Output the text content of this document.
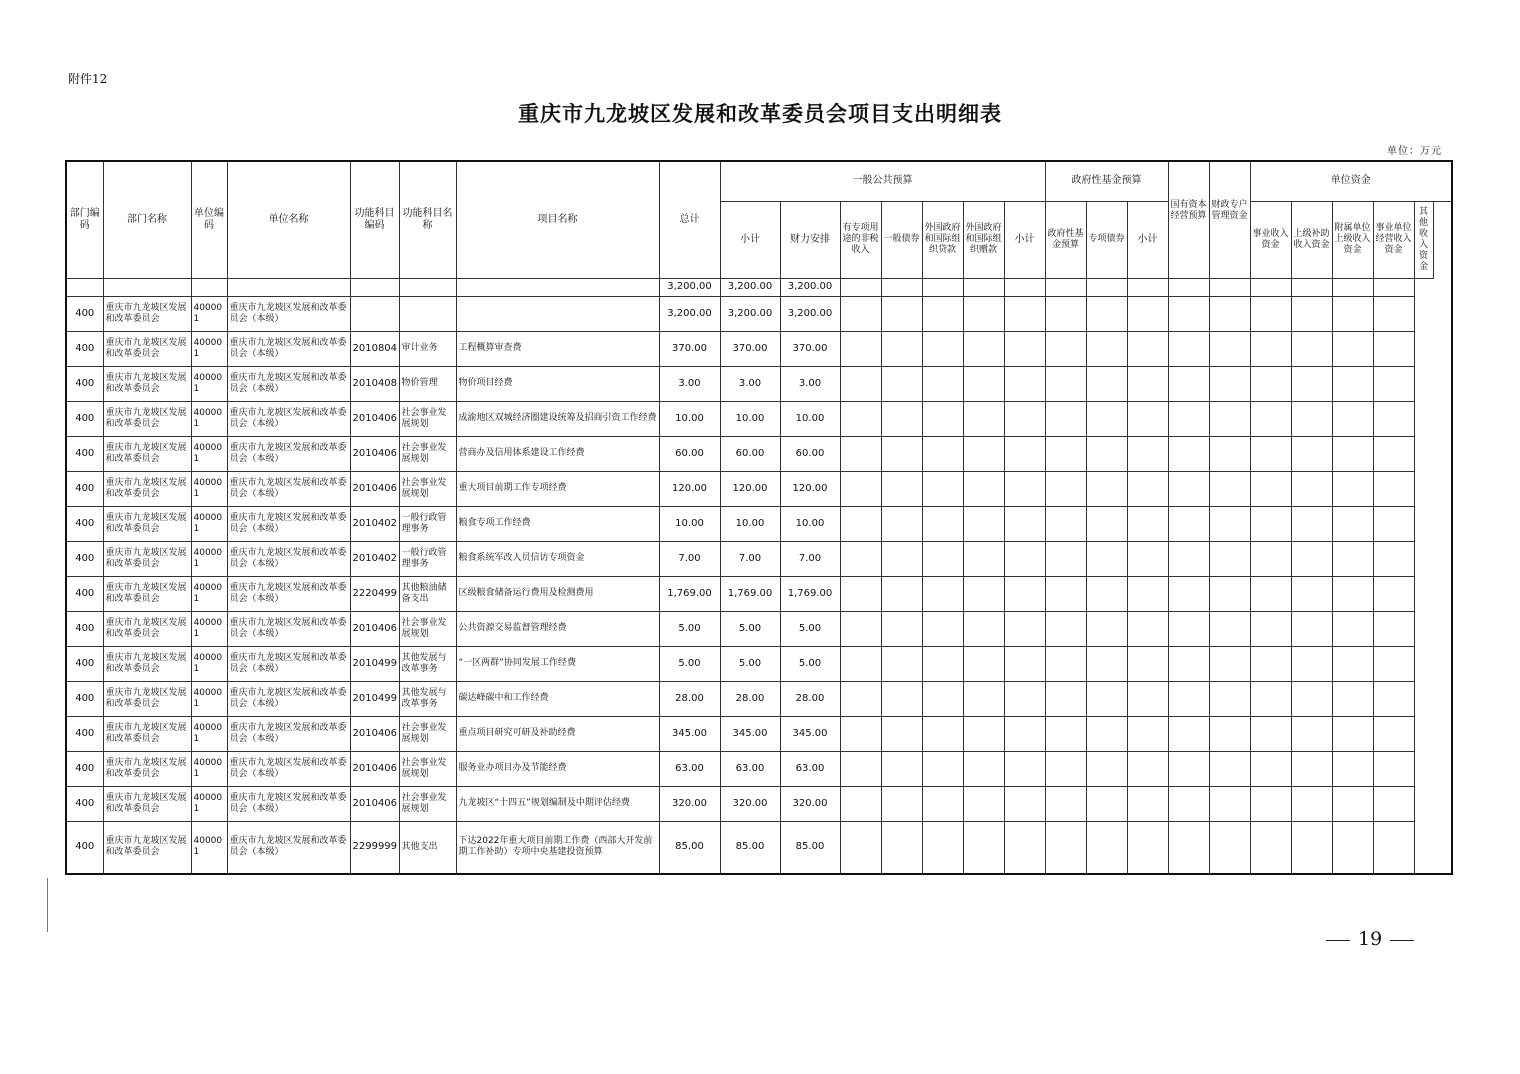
附件12
重庆市九龙坡区发展和改革委员会项目支出明细表
单位：万元
部门编码	部门名称	单位编码	单位名称	功能科目编码	功能科目名称	项目名称	总计	一般公共预算							政府性基金预算			国有资本经营预算	财政专户管理资金	单位资金				
								小计	财力安排	有专项用途的非税收入	一般债券	外国政府和国际组织贷款	外国政府和国际组织赠款	小计	政府性基金预算	专项债券	小计			事业收入资金	上级补助收入资金	附属单位上级收入资金	事业单位经营收入资金	其他收入资金
							3,200.00	3,200.00	3,200.00															
400	重庆市九龙坡区发展和改革委员会	400001	重庆市九龙坡区发展和改革委员会（本级）				3,200.00	3,200.00	3,200.00															
400	重庆市九龙坡区发展和改革委员会	400001	重庆市九龙坡区发展和改革委员会（本级）	2010804	审计业务	工程概算审查费	370.00	370.00	370.00															
400	重庆市九龙坡区发展和改革委员会	400001	重庆市九龙坡区发展和改革委员会（本级）	2010408	物价管理	物价项目经费	3.00	3.00	3.00															
400	重庆市九龙坡区发展和改革委员会	400001	重庆市九龙坡区发展和改革委员会（本级）	2010406	社会事业发展规划	成渝地区双城经济圈建设统筹及招商引资工作经费	10.00	10.00	10.00															
400	重庆市九龙坡区发展和改革委员会	400001	重庆市九龙坡区发展和改革委员会（本级）	2010406	社会事业发展规划	营商办及信用体系建设工作经费	60.00	60.00	60.00															
400	重庆市九龙坡区发展和改革委员会	400001	重庆市九龙坡区发展和改革委员会（本级）	2010406	社会事业发展规划	重大项目前期工作专项经费	120.00	120.00	120.00															
400	重庆市九龙坡区发展和改革委员会	400001	重庆市九龙坡区发展和改革委员会（本级）	2010402	一般行政管理事务	粮食专项工作经费	10.00	10.00	10.00															
400	重庆市九龙坡区发展和改革委员会	400001	重庆市九龙坡区发展和改革委员会（本级）	2010402	一般行政管理事务	粮食系统军改人员信访专项资金	7.00	7.00	7.00															
400	重庆市九龙坡区发展和改革委员会	400001	重庆市九龙坡区发展和改革委员会（本级）	2220499	其他粮油储备支出	区级粮食储备运行费用及检测费用	1,769.00	1,769.00	1,769.00															
400	重庆市九龙坡区发展和改革委员会	400001	重庆市九龙坡区发展和改革委员会（本级）	2010406	社会事业发展规划	公共资源交易监督管理经费	5.00	5.00	5.00															
400	重庆市九龙坡区发展和改革委员会	400001	重庆市九龙坡区发展和改革委员会（本级）	2010499	其他发展与改革事务	“一区两群”协同发展工作经费	5.00	5.00	5.00															
400	重庆市九龙坡区发展和改革委员会	400001	重庆市九龙坡区发展和改革委员会（本级）	2010499	其他发展与改革事务	碳达峰碳中和工作经费	28.00	28.00	28.00															
400	重庆市九龙坡区发展和改革委员会	400001	重庆市九龙坡区发展和改革委员会（本级）	2010406	社会事业发展规划	重点项目研究可研及补助经费	345.00	345.00	345.00															
400	重庆市九龙坡区发展和改革委员会	400001	重庆市九龙坡区发展和改革委员会（本级）	2010406	社会事业发展规划	服务业办项目办及节能经费	63.00	63.00	63.00															
400	重庆市九龙坡区发展和改革委员会	400001	重庆市九龙坡区发展和改革委员会（本级）	2010406	社会事业发展规划	九龙坡区“十四五”规划编制及中期评估经费	320.00	320.00	320.00															
400	重庆市九龙坡区发展和改革委员会	400001	重庆市九龙坡区发展和改革委员会（本级）	2299999	其他支出	下达2022年重大项目前期工作费（西部大开发前期工作补助）专项中央基建投资预算	85.00	85.00	85.00															
19
